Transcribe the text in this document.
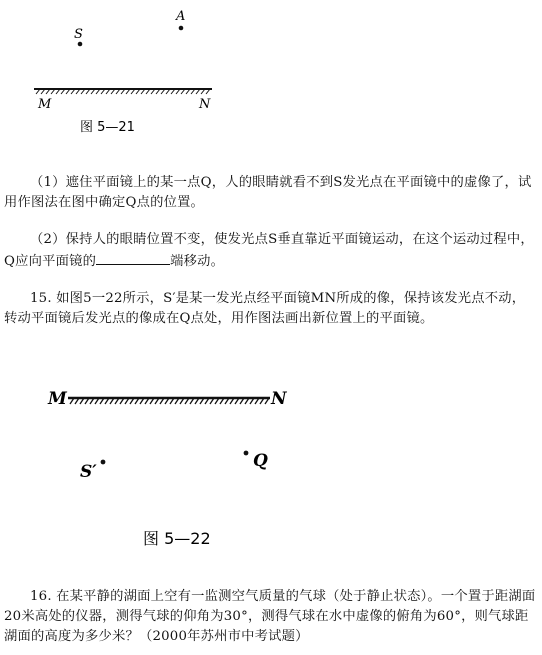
S
A
M	N
图 5—21

（1）遮住平面镜上的某一点Q，人的眼睛就看不到S发光点在平面镜中的虚像了，试用作图法在图中确定Q点的位置。

（2）保持人的眼睛位置不变，使发光点S垂直靠近平面镜运动，在这个运动过程中，Q应向平面镜的	端移动。

15. 如图5一22所示，S′是某一发光点经平面镜MN所成的像，保持该发光点不动，转动平面镜后发光点的像成在Q点处，用作图法画出新位置上的平面镜。

M	N
S′
Q
图 5—22

16. 在某平静的湖面上空有一监测空气质量的气球（处于静止状态）。一个置于距湖面20米高处的仪器，测得气球的仰角为30°，测得气球在水中虚像的俯角为60°，则气球距湖面的高度为多少米？（2000年苏州市中考试题）
